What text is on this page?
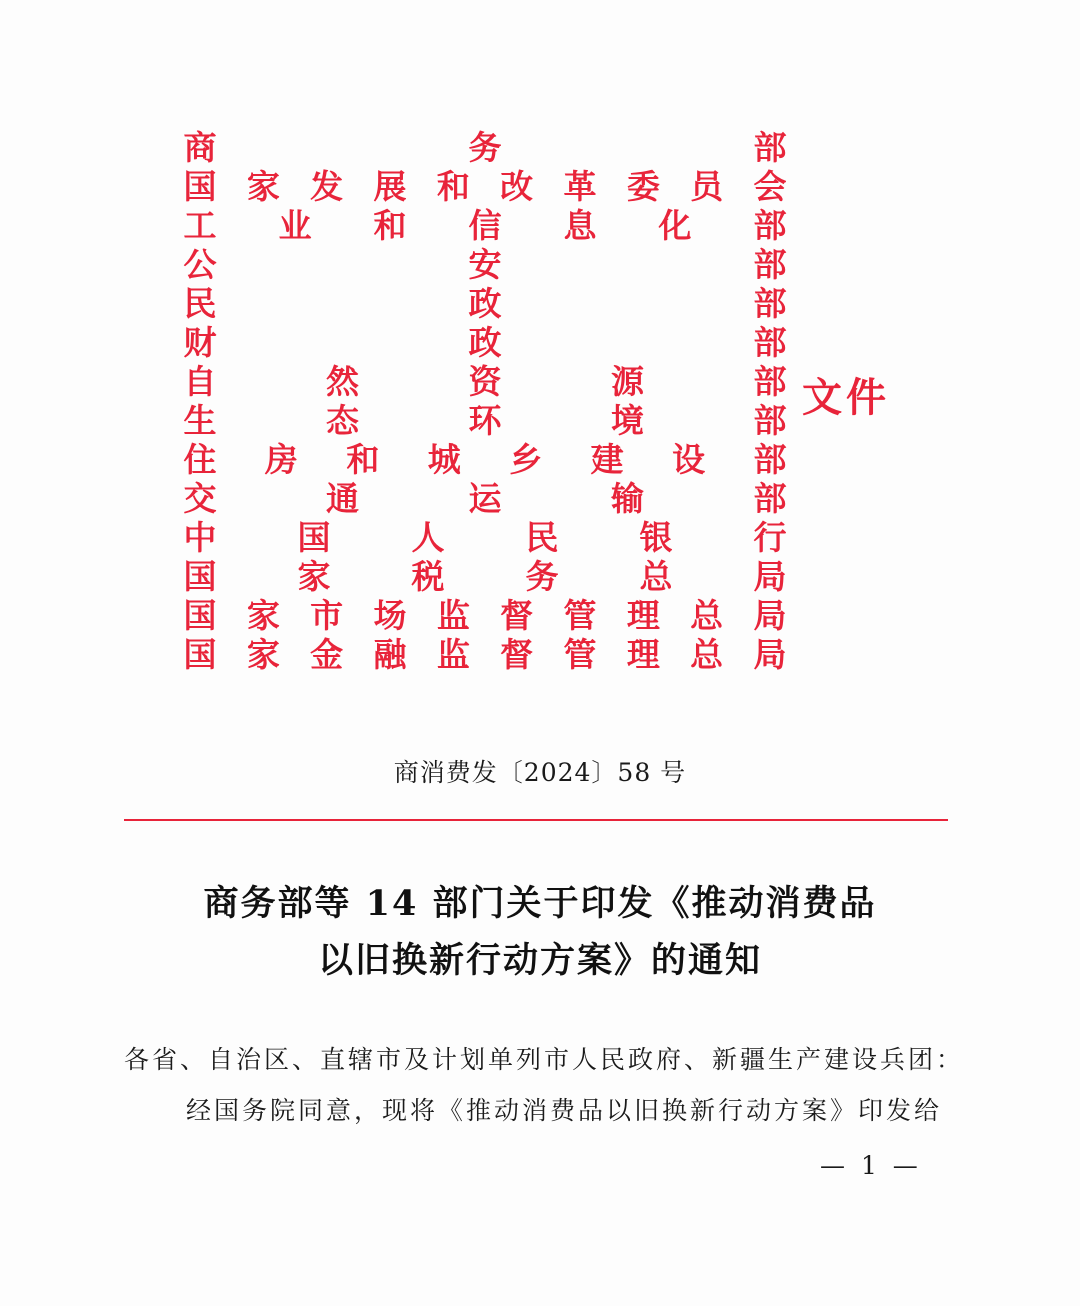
商	务	部
国 家 发 展 和 改 革 委 员 会
工 业 和 信 息 化 部
公	安	部
民	政	部
财	政	部
自	然	资	源	部
生	态	环	境	部
住 房 和 城 乡 建 设 部
交	通	运	输	部
中 国 人 民 银 行
国 家 税 务 总 局
国 家 市 场 监 督 管 理 总 局
国 家 金 融 监 督 管 理 总 局
文件
商消费发〔2024〕58 号
商务部等 14 部门关于印发《推动消费品
以旧换新行动方案》的通知
各省、自治区、直辖市及计划单列市人民政府、新疆生产建设兵团：
经国务院同意，现将《推动消费品以旧换新行动方案》印发给
— 1 —
